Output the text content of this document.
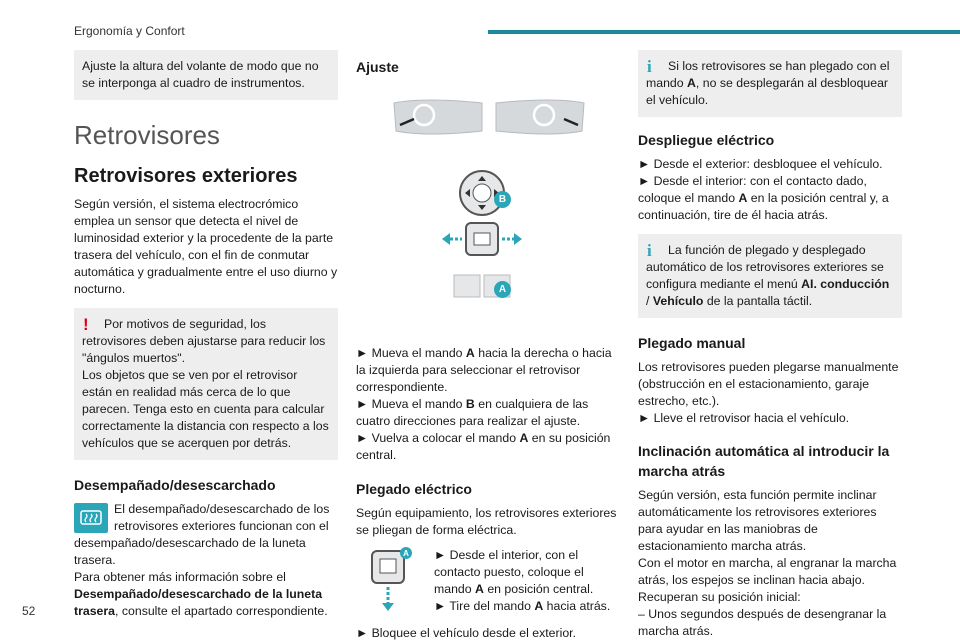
Ergonomía y Confort
52

Ajuste la altura del volante de modo que no se interponga al cuadro de instrumentos.

Retrovisores
Retrovisores exteriores

Según versión, el sistema electrocrómico emplea un sensor que detecta el nivel de luminosidad exterior y la procedente de la parte trasera del vehículo, con el fin de conmutar automática y gradualmente entre el uso diurno y nocturno.

!	Por motivos de seguridad, los retrovisores deben ajustarse para reducir los "ángulos muertos".

Los objetos que se ven por el retrovisor están en realidad más cerca de lo que parecen. Tenga esto en cuenta para calcular correctamente la distancia con respecto a los vehículos que se acerquen por detrás.

Desempañado/desescarchado

El desempañado/desescarchado de los retrovisores exteriores funcionan con el desempañado/desescarchado de la luneta trasera.

Para obtener más información sobre el Desempañado/desescarchado de la luneta trasera, consulte el apartado correspondiente.

Ajuste
B
A

► Mueva el mando A hacia la derecha o hacia la izquierda para seleccionar el retrovisor correspondiente.

► Mueva el mando B en cualquiera de las cuatro direcciones para realizar el ajuste.

► Vuelva a colocar el mando A en su posición central.

Plegado eléctrico

Según equipamiento, los retrovisores exteriores se pliegan de forma eléctrica.

A ► Desde el interior, con el contacto puesto, coloque el mando A en posición central.

► Tire del mando A hacia atrás.

► Bloquee el vehículo desde el exterior.

i	Si los retrovisores se han plegado con el mando A, no se desplegarán al desbloquear el vehículo.

Despliegue eléctrico

► Desde el exterior: desbloquee el vehículo.

► Desde el interior: con el contacto dado, coloque el mando A en la posición central y, a continuación, tire de él hacia atrás.

i	La función de plegado y desplegado automático de los retrovisores exteriores se configura mediante el menú AI. conducción / Vehículo de la pantalla táctil.

Plegado manual

Los retrovisores pueden plegarse manualmente (obstrucción en el estacionamiento, garaje estrecho, etc.).

► Lleve el retrovisor hacia el vehículo.

Inclinación automática al introducir la marcha atrás

Según versión, esta función permite inclinar automáticamente los retrovisores exteriores para ayudar en las maniobras de estacionamiento marcha atrás.

Con el motor en marcha, al engranar la marcha atrás, los espejos se inclinan hacia abajo.

Recuperan su posición inicial:

– Unos segundos después de desengranar la marcha atrás.
